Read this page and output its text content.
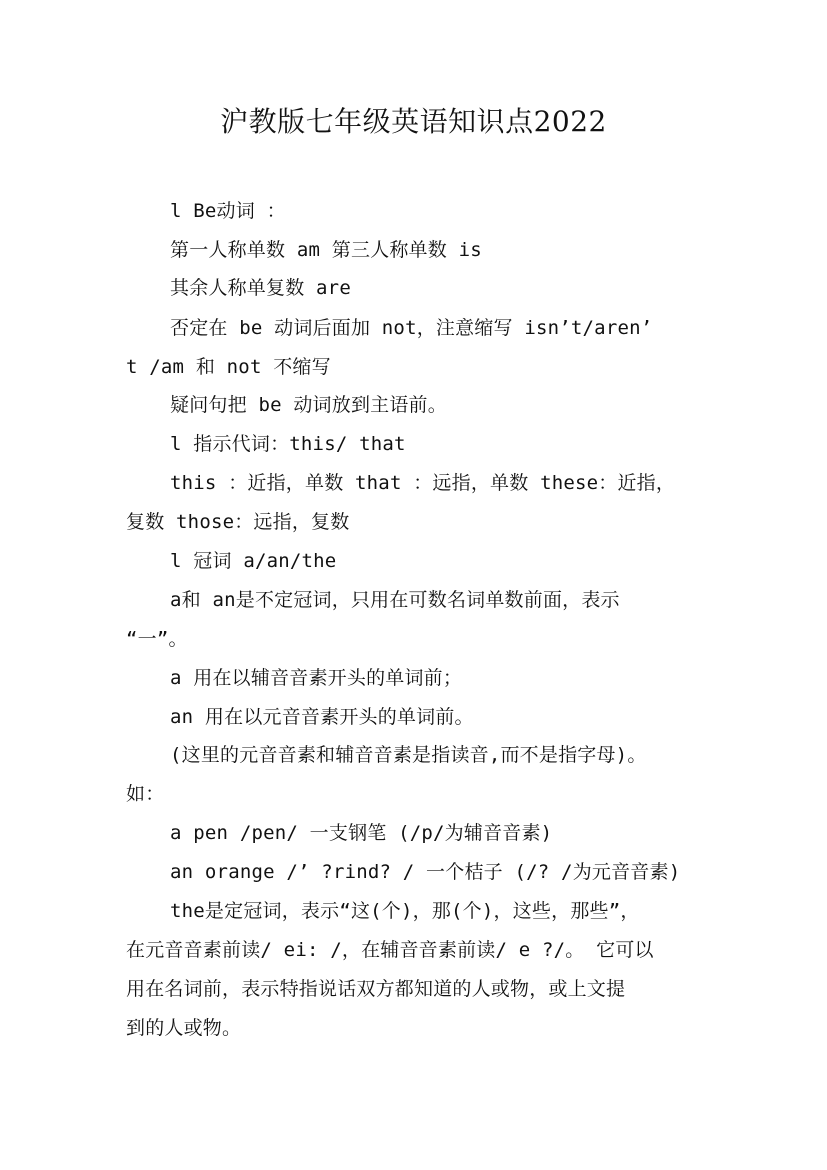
沪教版七年级英语知识点2022
l Be动词 ：
第一人称单数 am 第三人称单数 is
其余人称单复数 are
否定在 be 动词后面加 not，注意缩写 isn’t/aren’
t /am 和 not 不缩写
疑问句把 be 动词放到主语前。
l 指示代词：this/ that
this ：近指，单数 that ：远指，单数 these：近指，
复数 those：远指，复数
l 冠词 a/an/the
a和 an是不定冠词，只用在可数名词单数前面，表示
“一”。
a 用在以辅音音素开头的单词前；
an 用在以元音音素开头的单词前。
(这里的元音音素和辅音音素是指读音,而不是指字母)。
如：
a pen /pen/ 一支钢笔 (/p/为辅音音素)
an orange /’ ?rind? / 一个桔子 (/? /为元音音素)
the是定冠词，表示“这(个)，那(个)，这些，那些”，
在元音音素前读/ ei: /，在辅音音素前读/ e ?/。 它可以
用在名词前，表示特指说话双方都知道的人或物，或上文提
到的人或物。
